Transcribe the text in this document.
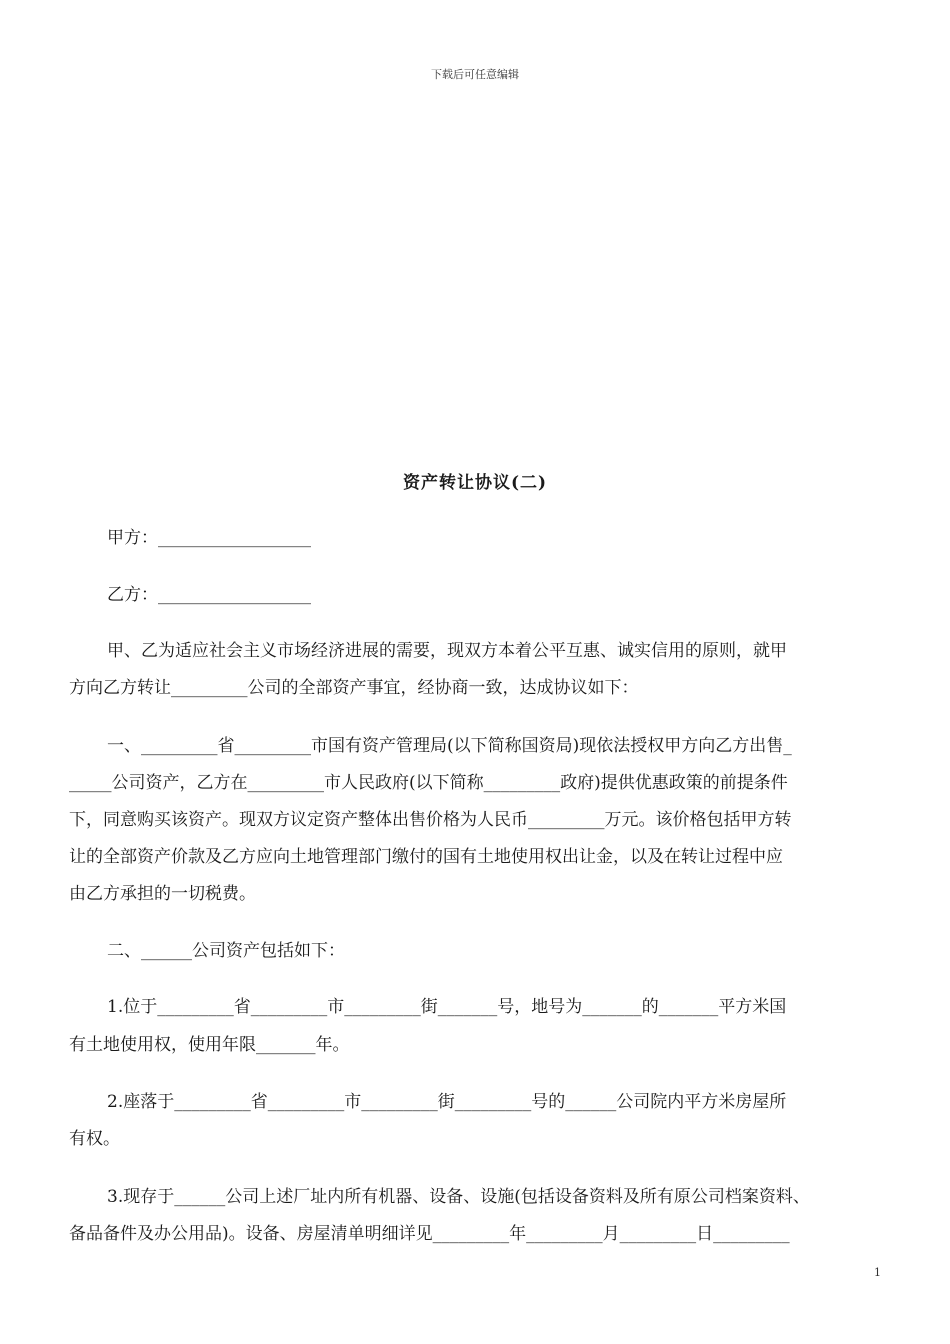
下载后可任意编辑
资产转让协议(二)
甲方：__________________
乙方：__________________
甲、乙为适应社会主义市场经济进展的需要，现双方本着公平互惠、诚实信用的原则，就甲
方向乙方转让_________公司的全部资产事宜，经协商一致，达成协议如下：
一、_________省_________市国有资产管理局(以下简称国资局)现依法授权甲方向乙方出售_
_____公司资产，乙方在_________市人民政府(以下简称_________政府)提供优惠政策的前提条件
下，同意购买该资产。现双方议定资产整体出售价格为人民币_________万元。该价格包括甲方转
让的全部资产价款及乙方应向土地管理部门缴付的国有土地使用权出让金，以及在转让过程中应
由乙方承担的一切税费。
二、______公司资产包括如下：
1.位于_________省_________市_________街_______号，地号为_______的_______平方米国
有土地使用权，使用年限_______年。
2.座落于_________省_________市_________街_________号的______公司院内平方米房屋所
有权。
3.现存于______公司上述厂址内所有机器、设备、设施(包括设备资料及所有原公司档案资料、
备品备件及办公用品)。设备、房屋清单明细详见_________年_________月_________日_________
1
